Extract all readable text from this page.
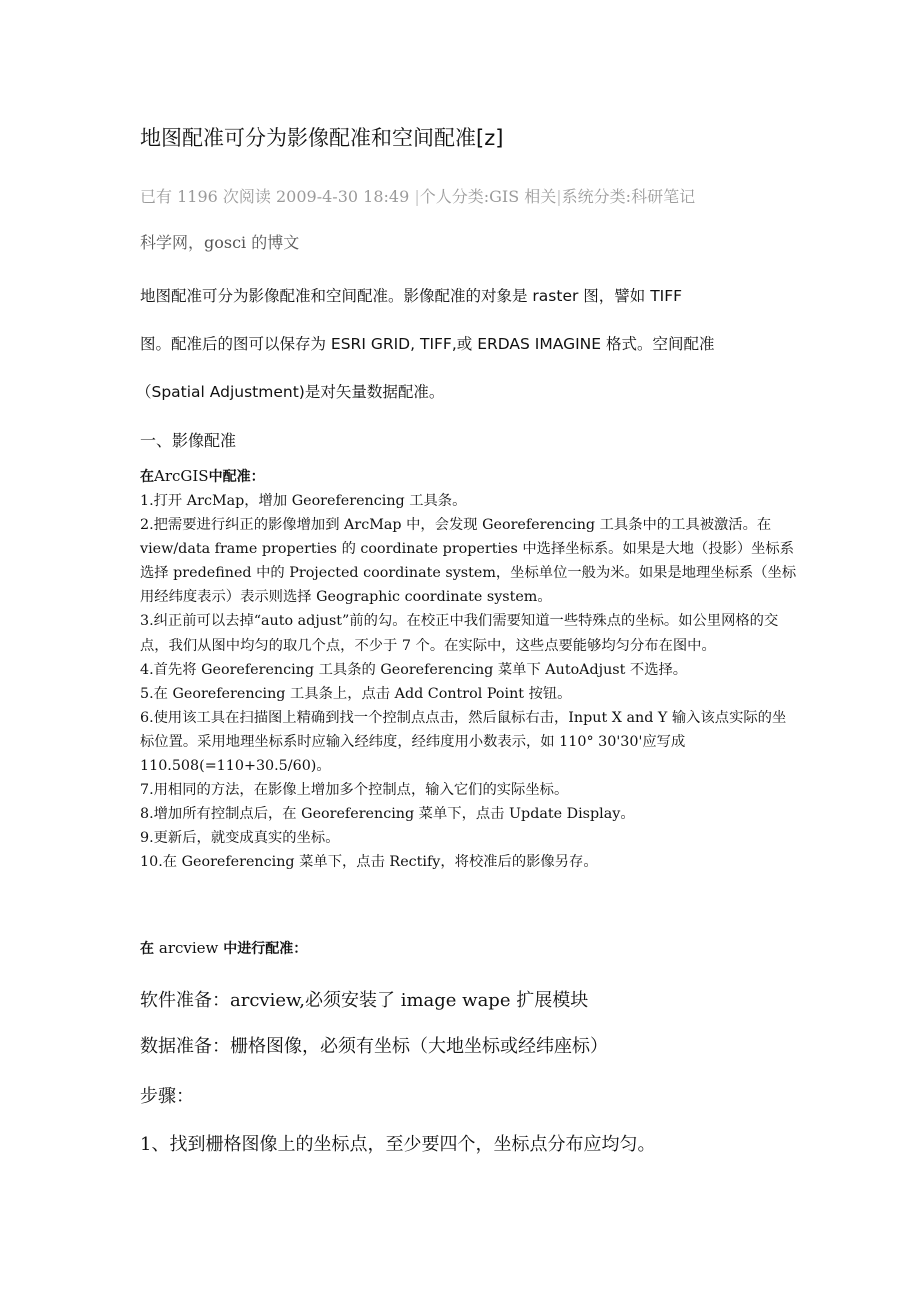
地图配准可分为影像配准和空间配准[z]
已有 1196 次阅读 2009-4-30 18:49 |个人分类:GIS 相关|系统分类:科研笔记
科学网，gosci 的博文
地图配准可分为影像配准和空间配准。影像配准的对象是 raster 图，譬如 TIFF
图。配准后的图可以保存为 ESRI GRID, TIFF,或 ERDAS IMAGINE 格式。空间配准
（Spatial Adjustment)是对矢量数据配准。
一、影像配准
在ArcGIS中配准：

1.打开 ArcMap，增加 Georeferencing 工具条。

2.把需要进行纠正的影像增加到 ArcMap 中，会发现 Georeferencing 工具条中的工具被激活。在 view/data frame properties 的 coordinate properties 中选择坐标系。如果是大地（投影）坐标系选择 predefined 中的 Projected coordinate system，坐标单位一般为米。如果是地理坐标系（坐标用经纬度表示）表示则选择 Geographic coordinate system。

3.纠正前可以去掉“auto adjust”前的勾。在校正中我们需要知道一些特殊点的坐标。如公里网格的交点，我们从图中均匀的取几个点，不少于 7 个。在实际中，这些点要能够均匀分布在图中。

4.首先将 Georeferencing 工具条的 Georeferencing 菜单下 AutoAdjust 不选择。

5.在 Georeferencing 工具条上，点击 Add Control Point 按钮。

6.使用该工具在扫描图上精确到找一个控制点点击，然后鼠标右击，Input X and Y 输入该点实际的坐标位置。采用地理坐标系时应输入经纬度，经纬度用小数表示，如 110° 30'30'应写成 110.508(=110+30.5/60)。

7.用相同的方法，在影像上增加多个控制点，输入它们的实际坐标。

8.增加所有控制点后，在 Georeferencing 菜单下，点击 Update Display。

9.更新后，就变成真实的坐标。

10.在 Georeferencing 菜单下，点击 Rectify，将校准后的影像另存。

在 arcview 中进行配准：
软件准备：arcview,必须安装了 image wape 扩展模块
数据准备：栅格图像，必须有坐标（大地坐标或经纬座标）
步骤：
1、找到栅格图像上的坐标点，至少要四个，坐标点分布应均匀。
